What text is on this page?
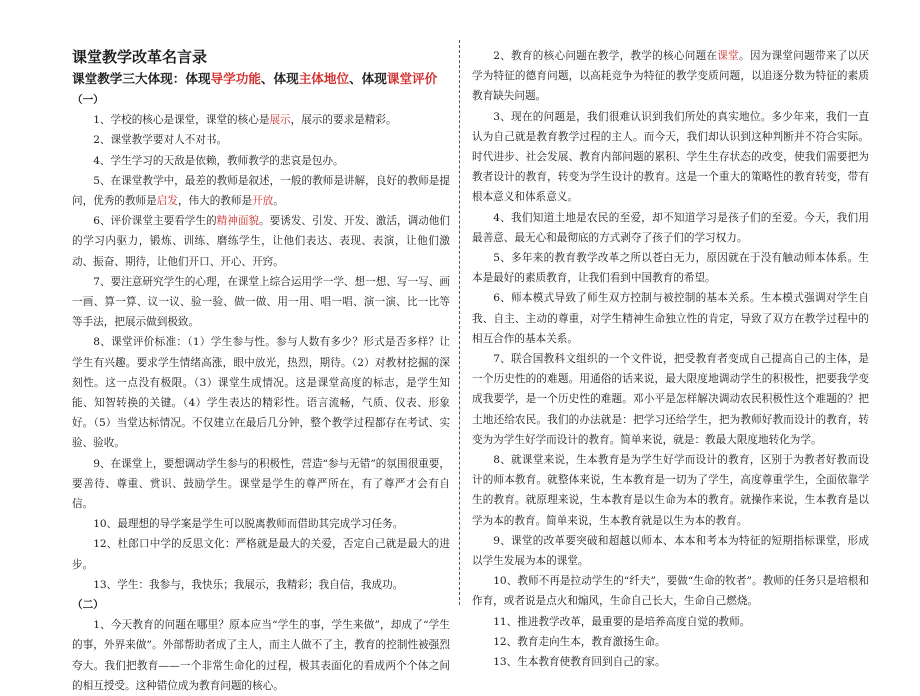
课堂教学改革名言录

课堂教学三大体现：体现导学功能、体现主体地位、体现课堂评价

（一）

1、学校的核心是课堂，课堂的核心是展示，展示的要求是精彩。

2、课堂教学要对人不对书。

4、学生学习的天敌是依赖，教师教学的悲哀是包办。

5、在课堂教学中，最差的教师是叙述，一般的教师是讲解，良好的教师是提问，优秀的教师是启发，伟大的教师是开放。

6、评价课堂主要看学生的精神面貌。要诱发、引发、开发、激活，调动他们的学习内驱力，锻炼、训练、磨练学生，让他们表达、表现、表演，让他们激动、振奋、期待，让他们开口、开心、开窍。

7、要注意研究学生的心理，在课堂上综合运用学一学、想一想、写一写、画一画、算一算、议一议、验一验、做一做、用一用、唱一唱、演一演、比一比等等手法，把展示做到极致。

8、课堂评价标准：（1）学生参与性。参与人数有多少？形式是否多样？让学生有兴趣。要求学生情绪高涨，眼中放光，热烈，期待。（2）对教材挖掘的深刻性。这一点没有极限。（3）课堂生成情况。这是课堂高度的标志，是学生知能、知智转换的关键。（4）学生表达的精彩性。语言流畅，气质、仪表、形象好。（5）当堂达标情况。不仅建立在最后几分钟，整个教学过程都存在考试、实验、验收。

9、在课堂上，要想调动学生参与的积极性，营造“参与无错”的氛围很重要，要善待、尊重、赏识、鼓励学生。课堂是学生的尊严所在，有了尊严才会有自信。

10、最理想的导学案是学生可以脱离教师而借助其完成学习任务。

12、杜郎口中学的反思文化：严格就是最大的关爱，否定自己就是最大的进步。

13、学生：我参与，我快乐；我展示，我精彩；我自信，我成功。

（二）

1、今天教育的问题在哪里？原本应当“学生的事，学生来做”，却成了“学生的事，外界来做”。外部帮助者成了主人，而主人做不了主，教育的控制性被强烈夸大。我们把教育——一个非常生命化的过程，极其表面化的看成两个个体之间的相互授受。这种错位成为教育问题的核心。

2、教育的核心问题在教学，教学的核心问题在课堂。因为课堂问题带来了以厌学为特征的德育问题，以高耗竞争为特征的教学变质问题，以追逐分数为特征的素质教育缺失问题。

3、现在的问题是，我们很难认识到我们所处的真实地位。多少年来，我们一直认为自己就是教育教学过程的主人。而今天，我们却认识到这种判断并不符合实际。时代进步、社会发展、教育内部问题的累积、学生生存状态的改变，使我们需要把为教者设计的教育，转变为学生设计的教育。这是一个重大的策略性的教育转变，带有根本意义和体系意义。

4、我们知道土地是农民的至爱，却不知道学习是孩子们的至爱。今天，我们用最善意、最无心和最彻底的方式剥夺了孩子们的学习权力。

5、多年来的教育教学改革之所以苍白无力，原因就在于没有触动师本体系。生本是最好的素质教育，让我们看到中国教育的希望。

6、师本模式导致了师生双方控制与被控制的基本关系。生本模式强调对学生自我、自主、主动的尊重，对学生精神生命独立性的肯定，导致了双方在教学过程中的相互合作的基本关系。

7、联合国教科文组织的一个文件说，把受教育者变成自己提高自己的主体，是一个历史性的的难题。用通俗的话来说，最大限度地调动学生的积极性，把要我学变成我要学，是一个历史性的难题。邓小平是怎样解决调动农民积极性这个难题的？把土地还给农民。我们的办法就是：把学习还给学生，把为教师好教而设计的教育，转变为为学生好学而设计的教育。简单来说，就是：教最大限度地转化为学。

8、就课堂来说，生本教育是为学生好学而设计的教育，区别于为教者好教而设计的师本教育。就整体来说，生本教育是一切为了学生，高度尊重学生，全面依靠学生的教育。就原理来说，生本教育是以生命为本的教育。就操作来说，生本教育是以学为本的教育。简单来说，生本教育就是以生为本的教育。

9、课堂的改革要突破和超越以师本、本本和考本为特征的短期指标课堂，形成以学生发展为本的课堂。

10、教师不再是拉动学生的“纤夫”，要做“生命的牧者”。教师的任务只是培根和作育，或者说是点火和煽风，生命自己长大，生命自己燃烧。

11、推进教学改革，最重要的是培养高度自觉的教师。

12、教育走向生本，教育激扬生命。

13、生本教育使教育回到自己的家。
